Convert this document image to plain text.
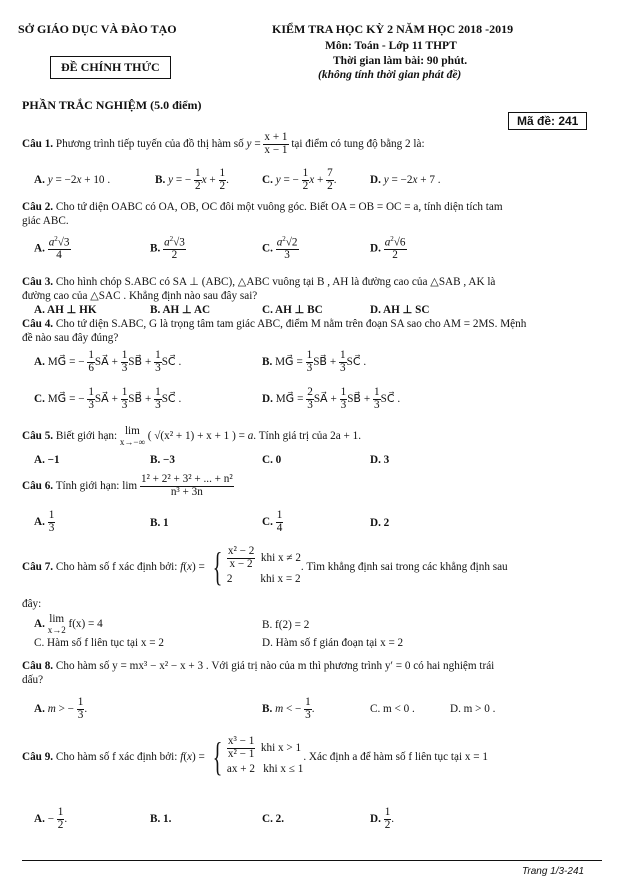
SỞ GIÁO DỤC VÀ ĐÀO TẠO
ĐỀ CHÍNH THỨC
KIỂM TRA HỌC KỲ 2 NĂM HỌC 2018 -2019
Môn: Toán - Lớp 11 THPT
Thời gian làm bài: 90 phút.
(không tính thời gian phát đề)
PHẦN TRẮC NGHIỆM (5.0 điểm)
Mã đề: 241
Câu 1. Phương trình tiếp tuyến của đồ thị hàm số $y = \frac{x + 1}{x - 1}$ tại điểm có tung độ bằng 2 là:
A. y = −2x + 10 .	B. y = − $\frac{1}{2}$ $x + \frac{1}{2}$ .	C. y = − $\frac{1}{2}$ $x + \frac{7}{2}$ .	D. y = −2x + 7 .
Câu 2. Cho tứ diện OABC có OA, OB, OC đôi một vuông góc. Biết OA = OB = OC = a, tính diện tích tam
giác ABC.
A. $\frac{a^2√3}{4}$	B. $\frac{a^2√3}{2}$	C. $\frac{a^2√2}{3}$	D. $\frac{a^2√6}{2}$
Câu 3. Cho hình chóp S.ABC có SA ⊥ (ABC), △ABC vuông tại B , AH là đường cao của △SAB , AK là
đường cao của △SAC . Khẳng định nào sau đây sai?
A. AH ⊥ HK	B. AH ⊥ AC	C. AH ⊥ BC	D. AH ⊥ SC
Câu 4. Cho tứ diện S.ABC, G là trọng tâm tam giác ABC, điểm M nằm trên đoạn SA sao cho AM = 2MS. Mệnh
đề nào sau đây đúng?
A. MG⃗ = − $\frac{1}{6}$ SA⃗ + $\frac{1}{3}$ SB⃗ + $\frac{1}{3}$ SC⃗ .	B. MG⃗ = $\frac{1}{3}$ SB⃗ + $\frac{1}{3}$ SC⃗ .
C. MG⃗ = − $\frac{1}{3}$ SA⃗ + $\frac{1}{3}$ SB⃗ + $\frac{1}{3}$ SC⃗ .	D. MG⃗ = $\frac{2}{3}$ SA⃗ + $\frac{1}{3}$ SB⃗ + $\frac{1}{3}$ SC⃗ .
Câu 5. Biết giới hạn: lim
x→−∞ ( √(x² + 1) + x + 1 ) = a. Tính giá trị của 2a + 1.
A. −1	B. −3	C. 0	D. 3
Câu 6. Tính giới hạn: $\lim \frac{\text{1² + 2² + 3² + ... + n²}}{\text{n³ + 3n}}$
A. $\frac{1}{3}$	B. 1	C. $\frac{1}{4}$	D. 2
Câu 7. Cho hàm số f xác định bởi: f(x) = { $\frac{\text{x² − 2}}{x - 2}$ khi x ≠ 2
2          khi x = 2. Tìm khẳng định sai trong các khẳng định sau
đây:
A. lim
x→2 f(x) = 4	B. f(2) = 2
C. Hàm số f liên tục tại x = 2	D. Hàm số f gián đoạn tại x = 2
Câu 8. Cho hàm số y = mx³ − x² − x + 3 . Với giá trị nào của m thì phương trình y′ = 0 có hai nghiệm trái
dấu?
A. m > − $\frac{1}{3}$ .	B. m < − $\frac{1}{3}$ .	C. m < 0 .	D. m > 0 .
Câu 9. Cho hàm số f xác định bởi: f(x) = { $\frac{\text{x³ − 1}}{\text{x² − 1}}$ khi x > 1
ax + 2   khi x ≤ 1. Xác định a để hàm số f liên tục tại x = 1
A. − $\frac{1}{2}$ .	B. 1.	C. 2.	D. $\frac{1}{2}$ .
Trang 1/3-241
